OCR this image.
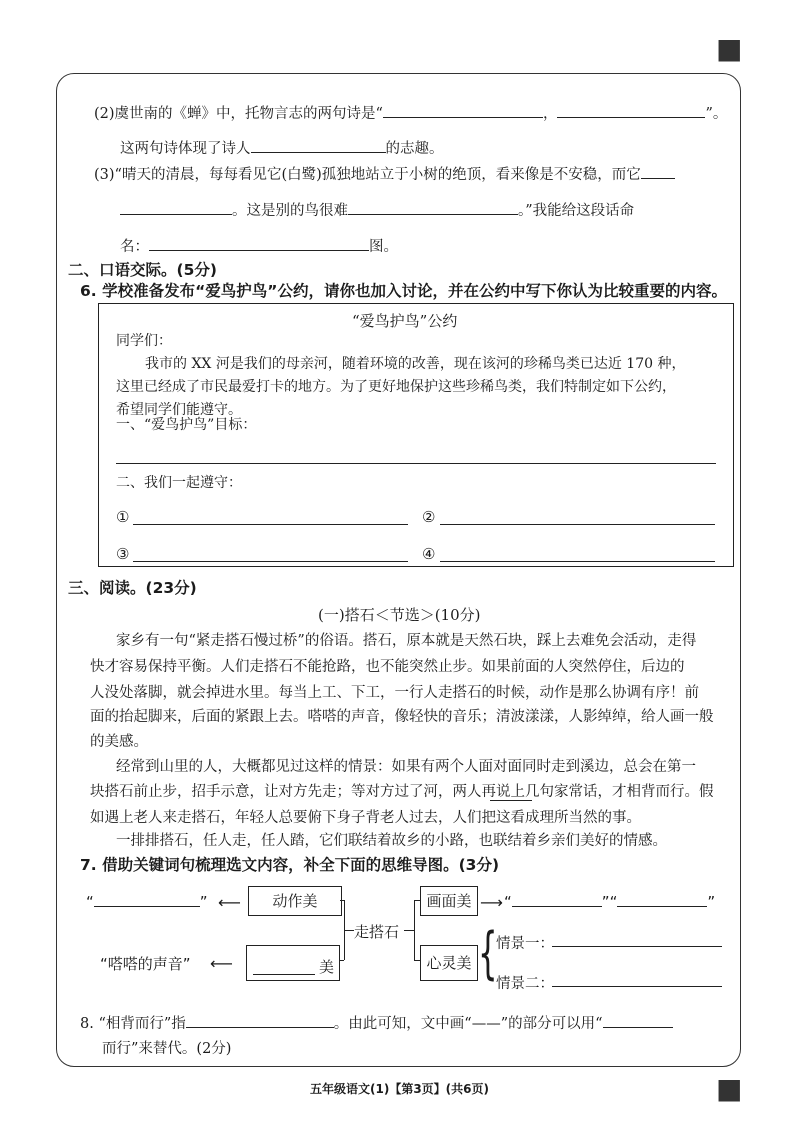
■
(2)虞世南的《蝉》中，托物言志的两句诗是“	，	”。
这两句诗体现了诗人	的志趣。
(3)“晴天的清晨，每每看见它(白鹭)孤独地站立于小树的绝顶，看来像是不安稳，而它
。这是别的鸟很难	。”我能给这段话命
名：	图。
二、口语交际。(5分)
6. 学校准备发布“爱鸟护鸟”公约，请你也加入讨论，并在公约中写下你认为比较重要的内容。
“爱鸟护鸟”公约
同学们：
我市的 XX 河是我们的母亲河，随着环境的改善，现在该河的珍稀鸟类已达近 170 种，
这里已经成了市民最爱打卡的地方。为了更好地保护这些珍稀鸟类，我们特制定如下公约，
希望同学们能遵守。
一、“爱鸟护鸟”目标：
二、我们一起遵守：
①	②
③	④
三、阅读。(23分)
(一)搭石＜节选＞(10分)
家乡有一句“紧走搭石慢过桥”的俗语。搭石，原本就是天然石块，踩上去难免会活动，走得
快才容易保持平衡。人们走搭石不能抢路，也不能突然止步。如果前面的人突然停住，后边的
人没处落脚，就会掉进水里。每当上工、下工，一行人走搭石的时候，动作是那么协调有序！前
面的抬起脚来，后面的紧跟上去。嗒嗒的声音，像轻快的音乐；清波漾漾，人影绰绰，给人画一般
的美感。
经常到山里的人，大概都见过这样的情景：如果有两个人面对面同时走到溪边，总会在第一
块搭石前止步，招手示意，让对方先走；等对方过了河，两人再说上几句家常话，才相背而行。假
如遇上老人来走搭石，年轻人总要俯下身子背老人过去，人们把这看成理所当然的事。
一排排搭石，任人走，任人踏，它们联结着故乡的小路，也联结着乡亲们美好的情感。
7. 借助关键词句梳理选文内容，补全下面的思维导图。(3分)
“	” ⟵	动作美
走搭石
画面美 ⟶ “	”“	”
“嗒嗒的声音” ⟵	美	心灵美 {
情景一：
情景二：
8. “相背而行”指	。由此可知，文中画“——”的部分可以用“
而行”来替代。(2分)
五年级语文(1)【第3页】(共6页)	■
